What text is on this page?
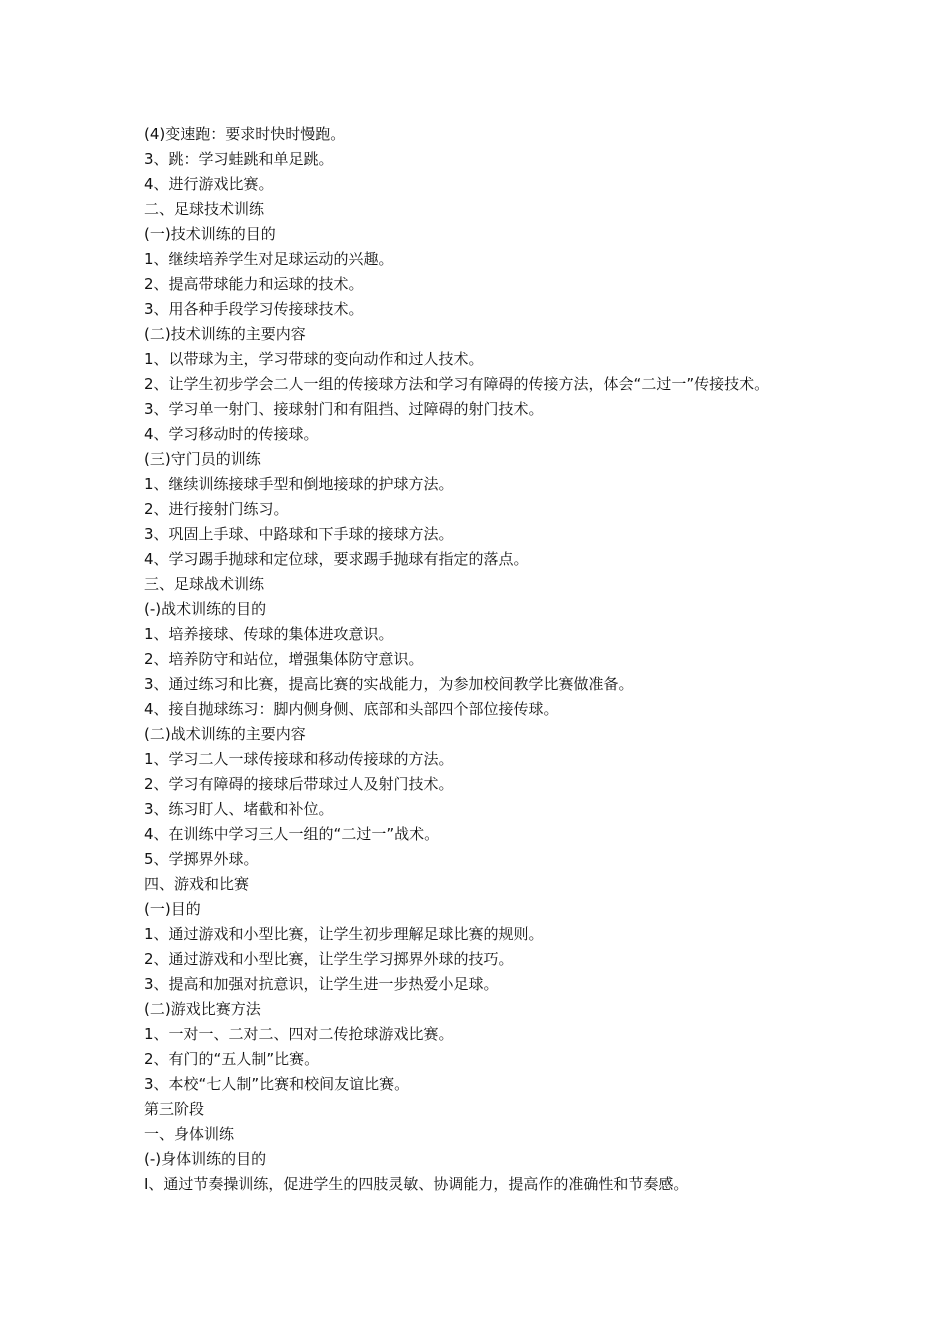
(4)变速跑：要求时快时慢跑。
3、跳：学习蛙跳和单足跳。
4、进行游戏比赛。
二、足球技术训练
(一)技术训练的目的
1、继续培养学生对足球运动的兴趣。
2、提高带球能力和运球的技术。
3、用各种手段学习传接球技术。
(二)技术训练的主要内容
1、以带球为主，学习带球的变向动作和过人技术。
2、让学生初步学会二人一组的传接球方法和学习有障碍的传接方法，体会“二过一”传接技术。
3、学习单一射门、接球射门和有阻挡、过障碍的射门技术。
4、学习移动时的传接球。
(三)守门员的训练
1、继续训练接球手型和倒地接球的护球方法。
2、进行接射门练习。
3、巩固上手球、中路球和下手球的接球方法。
4、学习踢手抛球和定位球，要求踢手抛球有指定的落点。
三、足球战术训练
(-)战术训练的目的
1、培养接球、传球的集体进攻意识。
2、培养防守和站位，增强集体防守意识。
3、通过练习和比赛，提高比赛的实战能力，为参加校间教学比赛做准备。
4、接自抛球练习：脚内侧身侧、底部和头部四个部位接传球。
(二)战术训练的主要内容
1、学习二人一球传接球和移动传接球的方法。
2、学习有障碍的接球后带球过人及射门技术。
3、练习盯人、堵截和补位。
4、在训练中学习三人一组的“二过一”战术。
5、学掷界外球。
四、游戏和比赛
(一)目的
1、通过游戏和小型比赛，让学生初步理解足球比赛的规则。
2、通过游戏和小型比赛，让学生学习掷界外球的技巧。
3、提高和加强对抗意识，让学生进一步热爱小足球。
(二)游戏比赛方法
1、一对一、二对二、四对二传抢球游戏比赛。
2、有门的“五人制”比赛。
3、本校“七人制”比赛和校间友谊比赛。
第三阶段
一、身体训练
(-)身体训练的目的
I、通过节奏操训练，促进学生的四肢灵敏、协调能力，提高作的准确性和节奏感。
